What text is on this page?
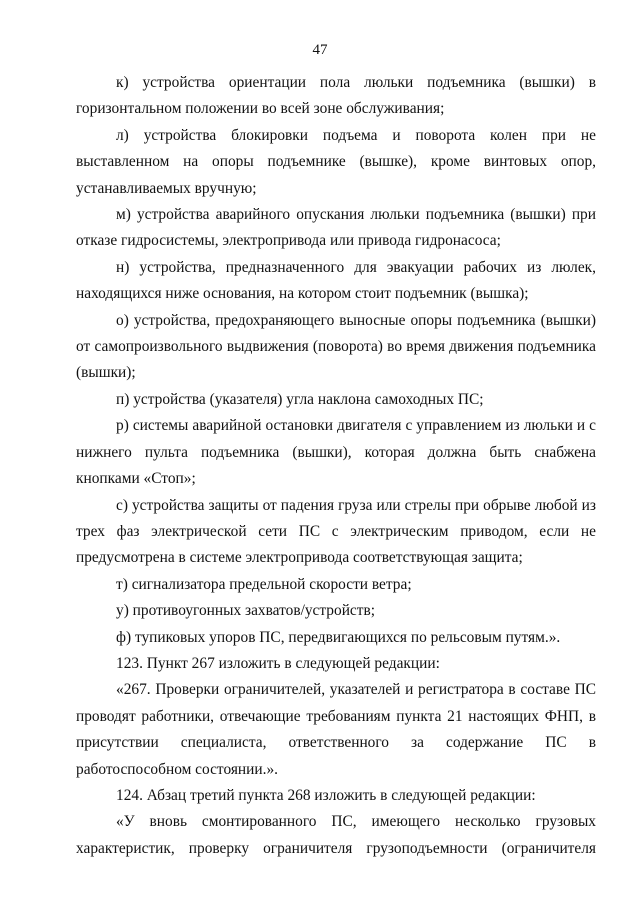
47

к) устройства ориентации пола люльки подъемника (вышки) в горизонтальном положении во всей зоне обслуживания;

л) устройства блокировки подъема и поворота колен при не выставленном на опоры подъемнике (вышке), кроме винтовых опор, устанавливаемых вручную;

м) устройства аварийного опускания люльки подъемника (вышки) при отказе гидросистемы, электропривода или привода гидронасоса;

н) устройства, предназначенного для эвакуации рабочих из люлек, находящихся ниже основания, на котором стоит подъемник (вышка);

о) устройства, предохраняющего выносные опоры подъемника (вышки) от самопроизвольного выдвижения (поворота) во время движения подъемника (вышки);

п) устройства (указателя) угла наклона самоходных ПС;

р) системы аварийной остановки двигателя с управлением из люльки и с нижнего пульта подъемника (вышки), которая должна быть снабжена кнопками «Стоп»;

с) устройства защиты от падения груза или стрелы при обрыве любой из трех фаз электрической сети ПС с электрическим приводом, если не предусмотрена в системе электропривода соответствующая защита;

т) сигнализатора предельной скорости ветра;

у) противоугонных захватов/устройств;

ф) тупиковых упоров ПС, передвигающихся по рельсовым путям.».

123. Пункт 267 изложить в следующей редакции:

«267. Проверки ограничителей, указателей и регистратора в составе ПС проводят работники, отвечающие требованиям пункта 21 настоящих ФНП, в присутствии специалиста, ответственного за содержание ПС в работоспособном состоянии.».

124. Абзац третий пункта 268 изложить в следующей редакции:

«У вновь смонтированного ПС, имеющего несколько грузовых характеристик, проверку ограничителя грузоподъемности (ограничителя
